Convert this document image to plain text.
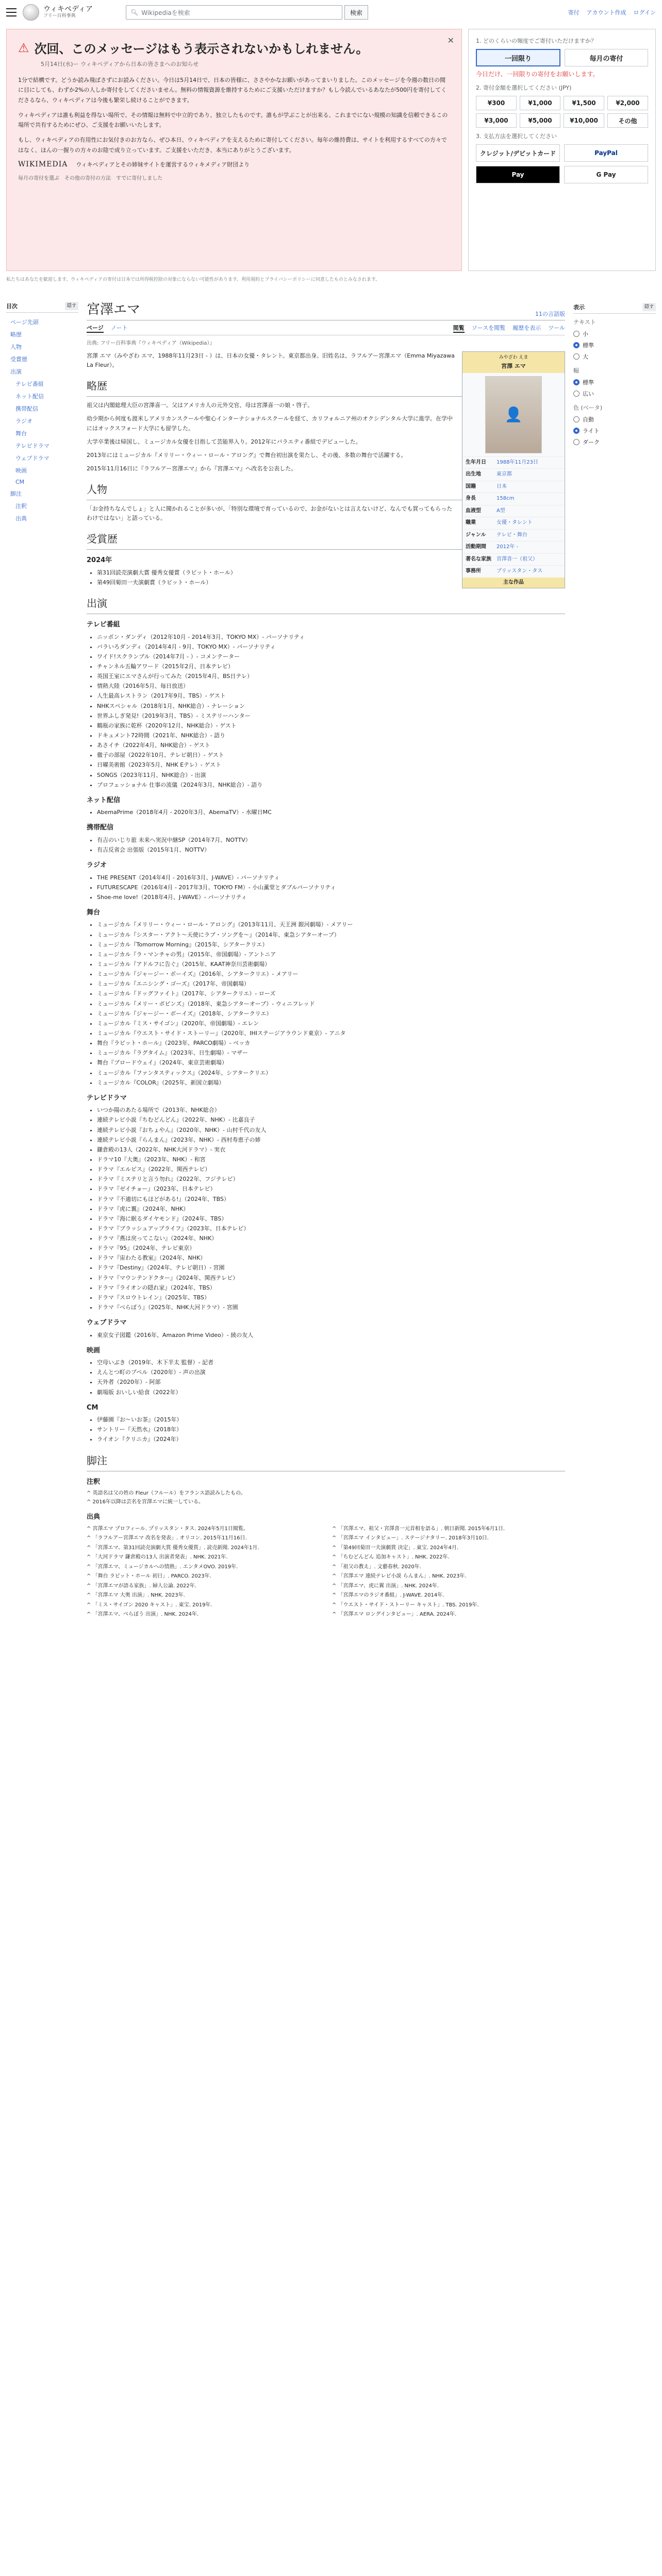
ウィキペディア
フリー百科事典	🔍︎ Wikipediaを検索	検索	寄付 アカウント作成 ログイン
✕
⚠ 次回、このメッセージはもう表示されないかもしれません。
5月14日(水)ー ウィキペディアから日本の皆さまへのお知らせ

1分で結構です。どうか読み飛ばさずにお読みください。今日は5月14日で、日本の皆様に、ささやかなお願いがあってまいりました。このメッセージを今週の数日の間に目にしても、わずか2%の人しか寄付をしてくださいません。無料の情報資源を維持するためにご支援いただけますか？もし今読んでいるあなたが500円を寄付してくださるなら、ウィキペディアは今後も繁栄し続けることができます。

ウィキペディアは誰も利益を得ない場所で、その情報は無料で中立的であり、独立したものです。誰もが学ぶことが出来る、これまでにない規模の知識を信頼できるこの場所で共有するためにぜひ、ご支援をお願いいたします。

もし、ウィキペディアの有用性にお気付きのお方なら、ぜひ本日、ウィキペディアを支えるために寄付してください。毎年の維持費は、サイトを利用するすべての方々ではなく、ほんの一握りの方々のお陰で成り立っています。ご支援をいただき、本当にありがとうございます。

WIKIMEDIA ウィキペディアとその姉妹サイトを運営するウィキメディア財団より
毎月の寄付を選ぶ　その他の寄付の方法　すでに寄付しました
1. どのくらいの頻度でご寄付いただけますか？
一回限り	毎月の寄付
今日だけ、一回限りの寄付をお願いします。
2. 寄付金額を選択してください (JPY)
¥300	¥1,000	¥1,500	¥2,000
¥3,000	¥5,000	¥10,000	その他
3. 支払方法を選択してください
クレジット/デビットカード	PayPal
Pay	G Pay
私たちはあなたを歓迎します。ウィキペディアの寄付は日本では所得税控除の対象にならない可能性があります。利用規約とプライバシーポリシーに同意したものとみなされます。
目次	隠す
ページ先頭
略歴
人物
受賞歴
出演
テレビ番組
ネット配信
携帯配信
ラジオ
舞台
テレビドラマ
ウェブドラマ
映画
CM
脚注
注釈
出典
表示	隠す
テキスト
小
標準
大
幅
標準
広い
色 (ベータ)
自動
ライト
ダーク
宮澤エマ	11の言語版
ページ ノート	閲覧 ソースを閲覧 履歴を表示 ツール
出典: フリー百科事典『ウィキペディア（Wikipedia）』
みやざわ えま
宮澤 エマ
👤
生年月日	1988年11月23日
出生地	東京都
国籍	日本
身長	158cm
血液型	A型
職業	女優・タレント
ジャンル	テレビ・舞台
活動期間	2012年 -
著名な家族	宮澤喜一（祖父）
事務所	プリッスタン・タス
主な作品

宮澤 エマ（みやざわ エマ、1988年11月23日 - ）は、日本の女優・タレント。東京都出身。旧姓名は、ラフルアー宮澤エマ（Emma Miyazawa La Fleur）。

略歴

祖父は内閣総理大臣の宮澤喜一。父はアメリカ人の元外交官、母は宮澤喜一の娘・啓子。

幼少期から何度も渡米しアメリカンスクールや聖心インターナショナルスクールを経て、カリフォルニア州のオクシデンタル大学に進学。在学中にはオックスフォード大学にも留学した。

大学卒業後は帰国し、ミュージカル女優を目指して芸能界入り。2012年にバラエティ番組でデビューした。

2013年にはミュージカル『メリリー・ウィー・ロール・アロング』で舞台初出演を果たし、その後、多数の舞台で活躍する。

2015年11月16日に『ラフルアー宮澤エマ』から『宮澤エマ』へ改名を公表した。

人物

「お金持ちなんでしょ」と人に聞かれることが多いが、「特別な環境で育っているので、お金がないとは言えないけど、なんでも買ってもらったわけではない」と語っている。

受賞歴
2024年
• 第31回読売演劇大賞 優秀女優賞（ラビット・ホール）
• 第49回菊田一夫演劇賞（ラビット・ホール）
出演
テレビ番組
• ニッポン・ダンディ（2012年10月 - 2014年3月、TOKYO MX）- パーソナリティ
• バラいろダンディ（2014年4月 - 9月、TOKYO MX）- パーソナリティ
• ワイド!スクランブル（2014年7月 - ）- コメンテーター
• チャンネル五輪アワード（2015年2月、日本テレビ）
• 英国王室にエマさんが行ってみた（2015年4月、BS日テレ）
• 情熱大陸（2016年5月、毎日放送）
• 人生最高レストラン（2017年9月、TBS）- ゲスト
• NHKスペシャル（2018年1月、NHK総合）- ナレーション
• 世界ふしぎ発見!（2019年3月、TBS）- ミステリーハンター
• 鶴瓶の家族に乾杯（2020年12月、NHK総合）- ゲスト
• ドキュメント72時間（2021年、NHK総合）- 語り
• あさイチ（2022年4月、NHK総合）- ゲスト
• 徹子の部屋（2022年10月、テレビ朝日）- ゲスト
• 日曜美術館（2023年5月、NHK Eテレ）- ゲスト
• SONGS（2023年11月、NHK総合）- 出演
• プロフェッショナル 仕事の流儀（2024年3月、NHK総合）- 語り
ネット配信
• AbemaPrime（2018年4月 - 2020年3月、AbemaTV）- 水曜日MC
携帯配信
• 有吉のいじり旅 未来へ実況中継SP（2014年7月、NOTTV）
• 有吉反省会 出張版（2015年1月、NOTTV）
ラジオ
• THE PRESENT（2014年4月 - 2016年3月、J-WAVE）- パーソナリティ
• FUTURESCAPE（2016年4月 - 2017年3月、TOKYO FM）- 小山薫堂とダブルパーソナリティ
• Shoe-me love!（2018年4月、J-WAVE）- パーソナリティ
舞台
• ミュージカル『メリリー・ウィー・ロール・アロング』（2013年11月、天王洲 銀河劇場）- メアリー
• ミュージカル『シスター・アクト〜天使にラブ・ソングを〜』（2014年、東急シアターオーブ）
• ミュージカル『Tomorrow Morning』（2015年、シアタークリエ）
• ミュージカル『ラ・マンチャの男』（2015年、帝国劇場）- アントニア
• ミュージカル『アドルフに告ぐ』（2015年、KAAT神奈川芸術劇場）
• ミュージカル『ジャージー・ボーイズ』（2016年、シアタークリエ）- メアリー
• ミュージカル『エニシング・ゴーズ』（2017年、帝国劇場）
• ミュージカル『ドッグファイト』（2017年、シアタークリエ）- ローズ
• ミュージカル『メリー・ポピンズ』（2018年、東急シアターオーブ）- ウィニフレッド
• ミュージカル『ジャージー・ボーイズ』（2018年、シアタークリエ）
• ミュージカル『ミス・サイゴン』（2020年、帝国劇場）- エレン
• ミュージカル『ウエスト・サイド・ストーリー』（2020年、IHIステージアラウンド東京）- アニタ
• 舞台『ラビット・ホール』（2023年、PARCO劇場）- ベッカ
• ミュージカル『ラグタイム』（2023年、日生劇場）- マザー
• 舞台『ブロードウェイ』（2024年、東京芸術劇場）
• ミュージカル『ファンタスティックス』（2024年、シアタークリエ）
• ミュージカル『COLOR』（2025年、新国立劇場）
テレビドラマ
• いつか陽のあたる場所で（2013年、NHK総合）
• 連続テレビ小説『ちむどんどん』（2022年、NHK）- 比嘉良子
• 連続テレビ小説『おちょやん』（2020年、NHK）- 山村千代の友人
• 連続テレビ小説『らんまん』（2023年、NHK）- 西村寿恵子の姉
• 鎌倉殿の13人（2022年、NHK大河ドラマ）- 実衣
• ドラマ10『大奥』（2023年、NHK）- 和宮
• ドラマ『エルピス』（2022年、関西テレビ）
• ドラマ『ミステリと言う勿れ』（2022年、フジテレビ）
• ドラマ『ゼイチョー』（2023年、日本テレビ）
• ドラマ『不適切にもほどがある!』（2024年、TBS）
• ドラマ『虎に翼』（2024年、NHK）
• ドラマ『海に眠るダイヤモンド』（2024年、TBS）
• ドラマ『ブラッシュアップライフ』（2023年、日本テレビ）
• ドラマ『燕は戻ってこない』（2024年、NHK）
• ドラマ『95』（2024年、テレビ東京）
• ドラマ『宙わたる教室』（2024年、NHK）
• ドラマ『Destiny』（2024年、テレビ朝日）- 宮園
• ドラマ『マウンテンドクター』（2024年、関西テレビ）
• ドラマ『ライオンの隠れ家』（2024年、TBS）
• ドラマ『スロウトレイン』（2025年、TBS）
• ドラマ『べらぼう』（2025年、NHK大河ドラマ）- 宮園
ウェブドラマ
• 東京女子図鑑（2016年、Amazon Prime Video）- 綾の友人
映画
• 空母いぶき（2019年、木下半太 監督）- 記者
• えんとつ町のプペル（2020年）- 声の出演
• 天外者（2020年）- 阿部
• 劇場版 おいしい給食（2022年）
CM
• 伊藤園『お〜いお茶』（2015年）
• サントリー『天然水』（2018年）
• ライオン『クリニカ』（2024年）
脚注
注釈
^ 英語名は父の姓の Fleur（フルール）をフランス語読みしたもの。
^ 2016年以降は芸名を宮澤エマに統一している。
出典
^ 宮澤エマ プロフィール. プリッスタン・タス. 2024年5月1日閲覧。	^ 「宮澤エマ、祖父・宮澤喜一元首相を語る」. 朝日新聞. 2015年6月1日.
^ 「ラフルアー宮澤エマ 改名を発表」. オリコン. 2015年11月16日.	^ 「宮澤エマ インタビュー」. ステージナタリー. 2018年3月10日.
^ 「宮澤エマ、第31回読売演劇大賞 優秀女優賞」. 読売新聞. 2024年1月.	^ 「第49回菊田一夫演劇賞 決定」. 東宝. 2024年4月.
^ 「大河ドラマ 鎌倉殿の13人 出演者発表」. NHK. 2021年.	^ 「ちむどんどん 追加キャスト」. NHK. 2022年.
^ 「宮澤エマ、ミュージカルへの情熱」. エンタメOVO. 2019年.	^ 「祖父の教え」. 文藝春秋. 2020年.
^ 「舞台 ラビット・ホール 初日」. PARCO. 2023年.	^ 「宮澤エマ 連続テレビ小説 らんまん」. NHK. 2023年.
^ 「宮澤エマが語る家族」. 婦人公論. 2022年.	^ 「宮澤エマ、虎に翼 出演」. NHK. 2024年.
^ 「宮澤エマ 大奥 出演」. NHK. 2023年.	^ 「宮澤エマのラジオ番組」. J-WAVE. 2014年.
^ 「ミス・サイゴン 2020 キャスト」. 東宝. 2019年.	^ 「ウエスト・サイド・ストーリー キャスト」. TBS. 2019年.
^ 「宮澤エマ、べらぼう 出演」. NHK. 2024年.	^ 「宮澤エマ ロングインタビュー」. AERA. 2024年.
